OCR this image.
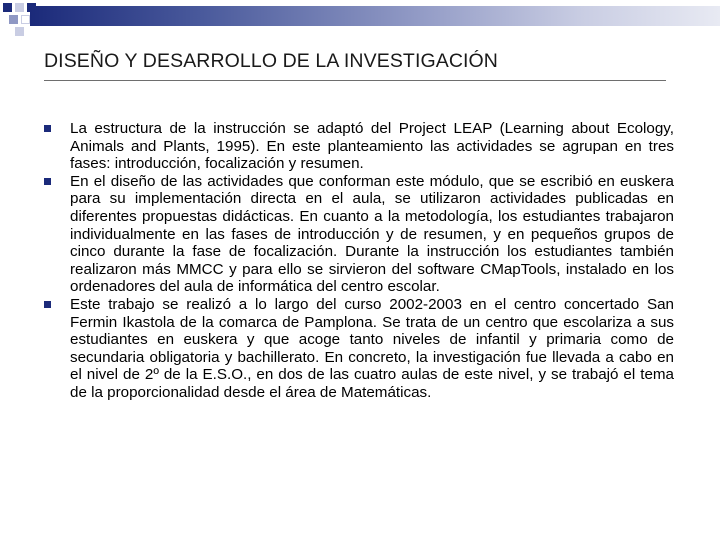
DISEÑO Y DESARROLLO DE LA INVESTIGACIÓN
La estructura de la instrucción se adaptó del Project LEAP (Learning about Ecology, Animals and Plants, 1995). En este planteamiento las actividades se agrupan en tres fases: introducción, focalización y resumen.
En el diseño de las actividades que conforman este módulo, que se escribió en euskera para su implementación directa en el aula, se utilizaron actividades publicadas en diferentes propuestas didácticas. En cuanto a la metodología, los estudiantes trabajaron individualmente en las fases de introducción y de resumen, y en pequeños grupos de cinco durante la fase de focalización. Durante la instrucción los estudiantes también realizaron más MMCC y para ello se sirvieron del software CMapTools, instalado en los ordenadores del aula de informática del centro escolar.
Este trabajo se realizó a lo largo del curso 2002-2003 en el centro concertado San Fermin Ikastola de la comarca de Pamplona. Se trata de un centro que escolariza a sus estudiantes en euskera y que acoge tanto niveles de infantil y primaria como de secundaria obligatoria y bachillerato. En concreto, la investigación fue llevada a cabo en el nivel de 2º de la E.S.O., en dos de las cuatro aulas de este nivel, y se trabajó el tema de la proporcionalidad desde el área de Matemáticas.
